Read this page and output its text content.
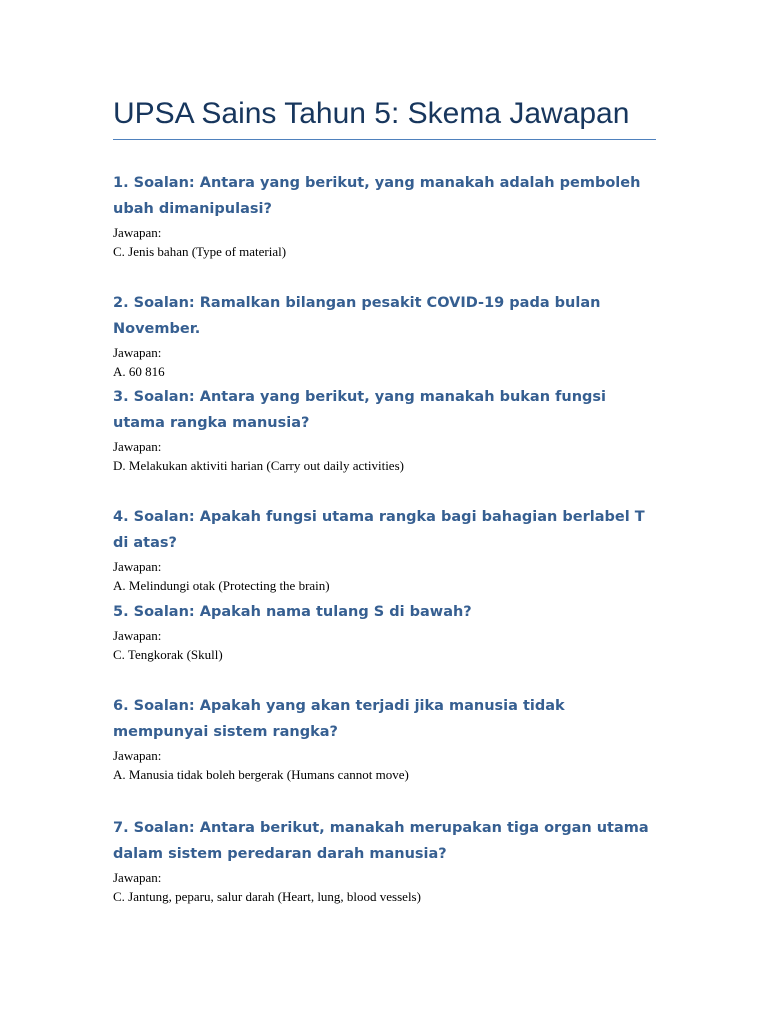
UPSA Sains Tahun 5: Skema Jawapan
1. Soalan: Antara yang berikut, yang manakah adalah pemboleh ubah dimanipulasi?

Jawapan:

C. Jenis bahan (Type of material)

2. Soalan: Ramalkan bilangan pesakit COVID-19 pada bulan November.

Jawapan:

A. 60 816

3. Soalan: Antara yang berikut, yang manakah bukan fungsi utama rangka manusia?

Jawapan:

D. Melakukan aktiviti harian (Carry out daily activities)

4. Soalan: Apakah fungsi utama rangka bagi bahagian berlabel T di atas?

Jawapan:

A. Melindungi otak (Protecting the brain)

5. Soalan: Apakah nama tulang S di bawah?

Jawapan:

C. Tengkorak (Skull)

6. Soalan: Apakah yang akan terjadi jika manusia tidak mempunyai sistem rangka?

Jawapan:

A. Manusia tidak boleh bergerak (Humans cannot move)

7. Soalan: Antara berikut, manakah merupakan tiga organ utama dalam sistem peredaran darah manusia?

Jawapan:

C. Jantung, peparu, salur darah (Heart, lung, blood vessels)
